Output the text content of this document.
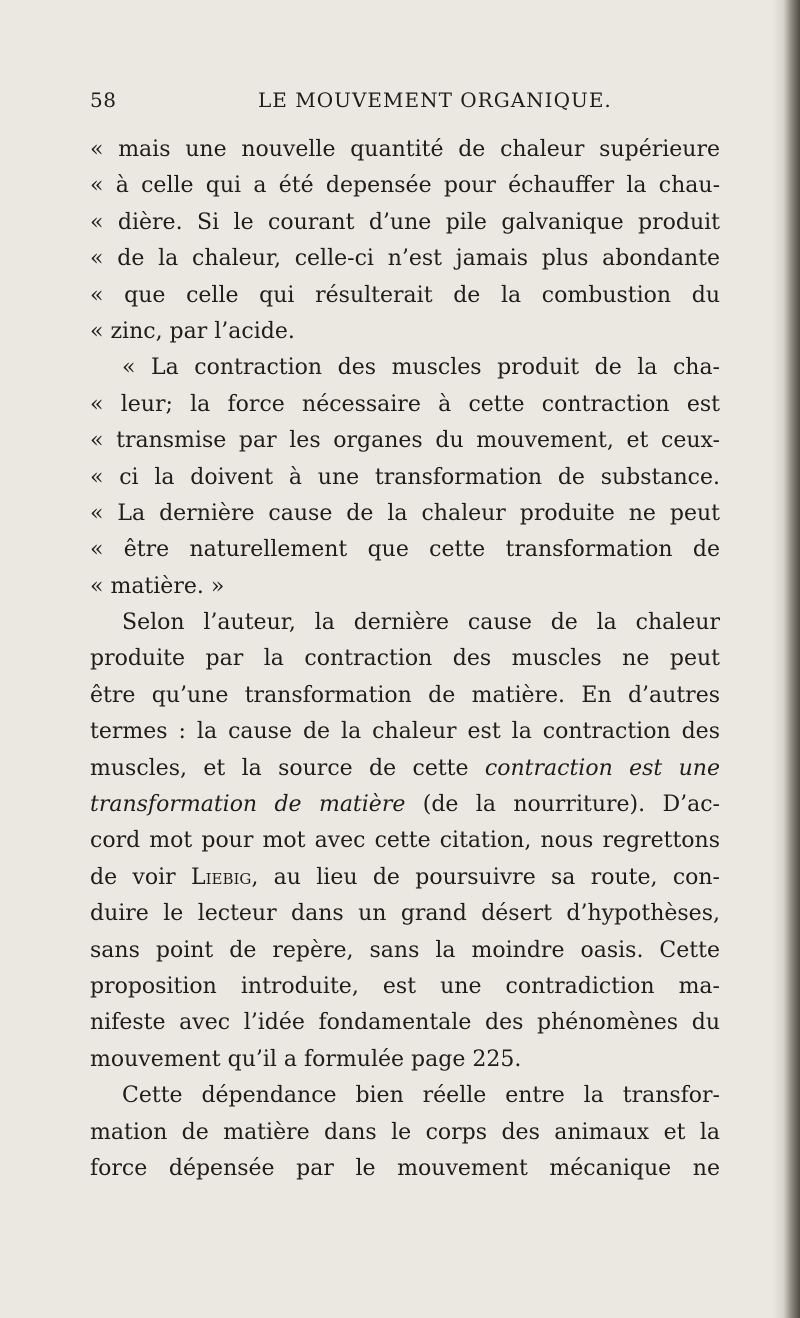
58	LE MOUVEMENT ORGANIQUE.
« mais une nouvelle quantité de chaleur supérieure
« à celle qui a été depensée pour échauffer la chau-
« dière. Si le courant d’une pile galvanique produit
« de la chaleur, celle-ci n’est jamais plus abondante
« que celle qui résulterait de la combustion du
« zinc, par l’acide.
« La contraction des muscles produit de la cha-
« leur; la force nécessaire à cette contraction est
« transmise par les organes du mouvement, et ceux-
« ci la doivent à une transformation de substance.
« La dernière cause de la chaleur produite ne peut
« être naturellement que cette transformation de
« matière. »
Selon l’auteur, la dernière cause de la chaleur
produite par la contraction des muscles ne peut
être qu’une transformation de matière. En d’autres
termes : la cause de la chaleur est la contraction des
muscles, et la source de cette contraction est une
transformation de matière (de la nourriture). D’ac-
cord mot pour mot avec cette citation, nous regrettons
de voir Liebig, au lieu de poursuivre sa route, con-
duire le lecteur dans un grand désert d’hypothèses,
sans point de repère, sans la moindre oasis. Cette
proposition introduite, est une contradiction ma-
nifeste avec l’idée fondamentale des phénomènes du
mouvement qu’il a formulée page 225.
Cette dépendance bien réelle entre la transfor-
mation de matière dans le corps des animaux et la
force dépensée par le mouvement mécanique ne
